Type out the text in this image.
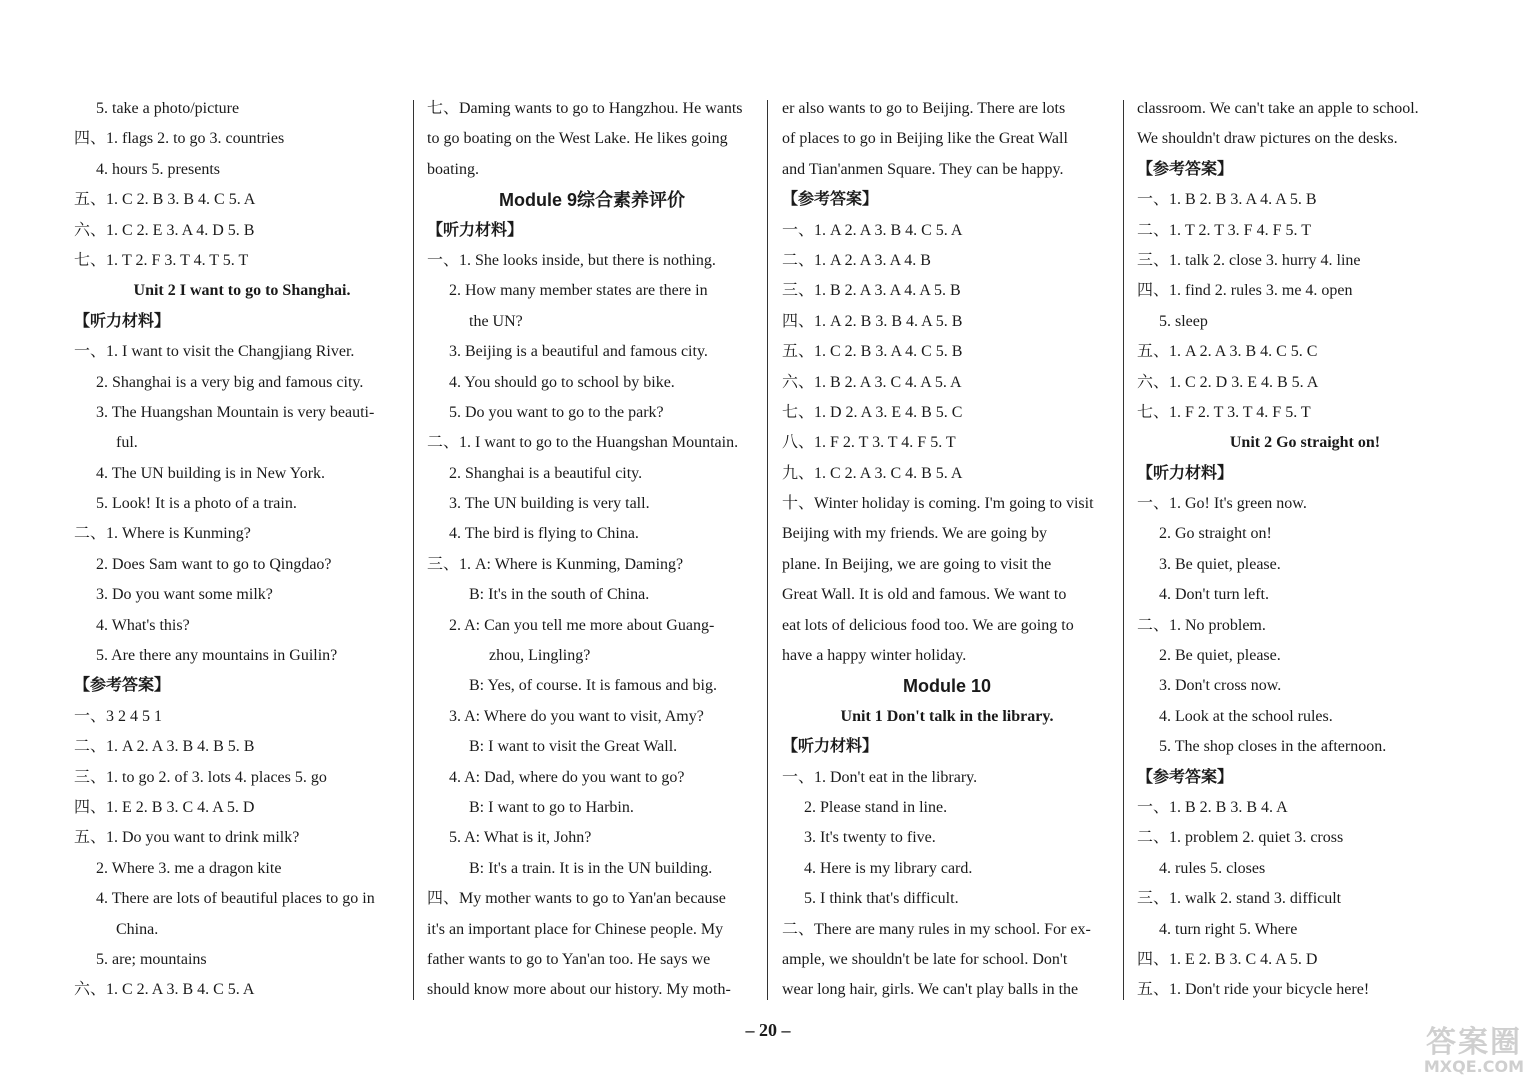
5. take a photo/picture
四、1. flags 2. to go 3. countries
4. hours 5. presents
五、1. C 2. B 3. B 4. C 5. A
六、1. C 2. E 3. A 4. D 5. B
七、1. T 2. F 3. T 4. T 5. T
Unit 2 I want to go to Shanghai.
【听力材料】
一、1. I want to visit the Changjiang River.
2. Shanghai is a very big and famous city.
3. The Huangshan Mountain is very beauti-
ful.
4. The UN building is in New York.
5. Look! It is a photo of a train.
二、1. Where is Kunming?
2. Does Sam want to go to Qingdao?
3. Do you want some milk?
4. What's this?
5. Are there any mountains in Guilin?
【参考答案】
一、3 2 4 5 1
二、1. A 2. A 3. B 4. B 5. B
三、1. to go 2. of 3. lots 4. places 5. go
四、1. E 2. B 3. C 4. A 5. D
五、1. Do you want to drink milk?
2. Where 3. me a dragon kite
4. There are lots of beautiful places to go in
China.
5. are; mountains
六、1. C 2. A 3. B 4. C 5. A
七、Daming wants to go to Hangzhou. He wants
to go boating on the West Lake. He likes going
boating.
Module 9综合素养评价
【听力材料】
一、1. She looks inside, but there is nothing.
2. How many member states are there in
the UN?
3. Beijing is a beautiful and famous city.
4. You should go to school by bike.
5. Do you want to go to the park?
二、1. I want to go to the Huangshan Mountain.
2. Shanghai is a beautiful city.
3. The UN building is very tall.
4. The bird is flying to China.
三、1. A: Where is Kunming, Daming?
B: It's in the south of China.
2. A: Can you tell me more about Guang-
zhou, Lingling?
B: Yes, of course. It is famous and big.
3. A: Where do you want to visit, Amy?
B: I want to visit the Great Wall.
4. A: Dad, where do you want to go?
B: I want to go to Harbin.
5. A: What is it, John?
B: It's a train. It is in the UN building.
四、My mother wants to go to Yan'an because
it's an important place for Chinese people. My
father wants to go to Yan'an too. He says we
should know more about our history. My moth-
er also wants to go to Beijing. There are lots
of places to go in Beijing like the Great Wall
and Tian'anmen Square. They can be happy.
【参考答案】
一、1. A 2. A 3. B 4. C 5. A
二、1. A 2. A 3. A 4. B
三、1. B 2. A 3. A 4. A 5. B
四、1. A 2. B 3. B 4. A 5. B
五、1. C 2. B 3. A 4. C 5. B
六、1. B 2. A 3. C 4. A 5. A
七、1. D 2. A 3. E 4. B 5. C
八、1. F 2. T 3. T 4. F 5. T
九、1. C 2. A 3. C 4. B 5. A
十、Winter holiday is coming. I'm going to visit
Beijing with my friends. We are going by
plane. In Beijing, we are going to visit the
Great Wall. It is old and famous. We want to
eat lots of delicious food too. We are going to
have a happy winter holiday.
Module 10
Unit 1 Don't talk in the library.
【听力材料】
一、1. Don't eat in the library.
2. Please stand in line.
3. It's twenty to five.
4. Here is my library card.
5. I think that's difficult.
二、There are many rules in my school. For ex-
ample, we shouldn't be late for school. Don't
wear long hair, girls. We can't play balls in the
classroom. We can't take an apple to school.
We shouldn't draw pictures on the desks.
【参考答案】
一、1. B 2. B 3. A 4. A 5. B
二、1. T 2. T 3. F 4. F 5. T
三、1. talk 2. close 3. hurry 4. line
四、1. find 2. rules 3. me 4. open
5. sleep
五、1. A 2. A 3. B 4. C 5. C
六、1. C 2. D 3. E 4. B 5. A
七、1. F 2. T 3. T 4. F 5. T
Unit 2 Go straight on!
【听力材料】
一、1. Go! It's green now.
2. Go straight on!
3. Be quiet, please.
4. Don't turn left.
二、1. No problem.
2. Be quiet, please.
3. Don't cross now.
4. Look at the school rules.
5. The shop closes in the afternoon.
【参考答案】
一、1. B 2. B 3. B 4. A
二、1. problem 2. quiet 3. cross
4. rules 5. closes
三、1. walk 2. stand 3. difficult
4. turn right 5. Where
四、1. E 2. B 3. C 4. A 5. D
五、1. Don't ride your bicycle here!
– 20 –	答案圈
MXQE.COM
